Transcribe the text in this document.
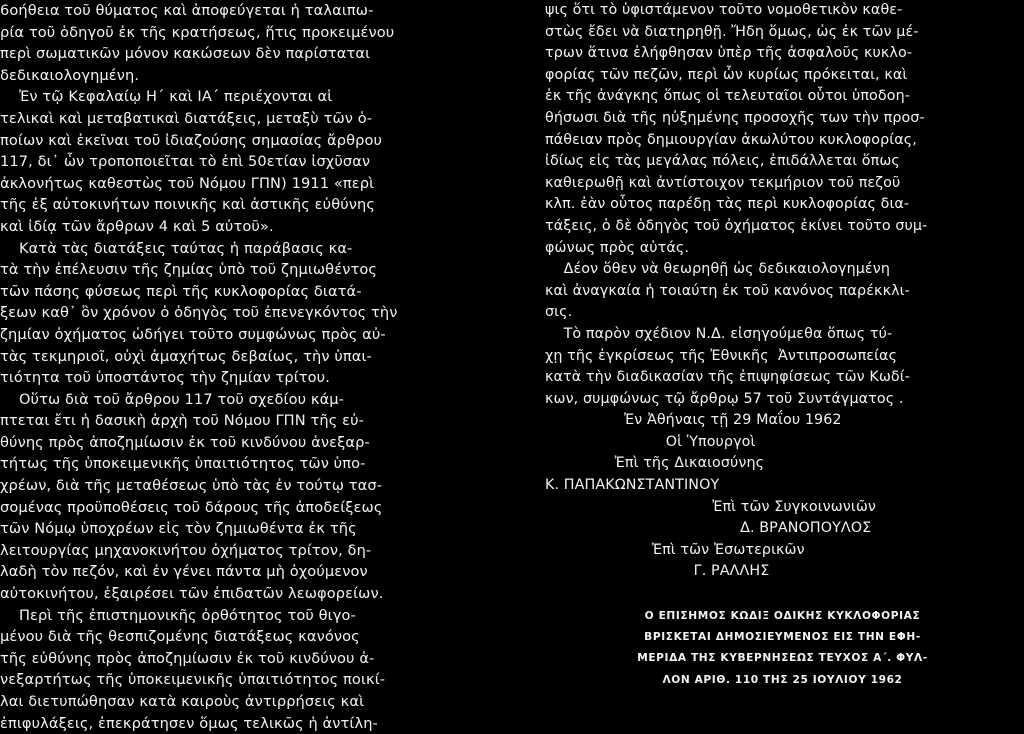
6οήθεια τοῦ θύματος καὶ ἀποφεύγεται ἡ ταλαιπω-
ρία τοῦ ὁδηγοῦ ἐκ τῆς κρατήσεως, ἥτις προκειμένου
περὶ σωματικῶν μόνον κακώσεων δὲν παρίσταται
δεδικαιολογημένη.
Ἐν τῷ Κεφαλαίῳ Η΄ καὶ ΙΑ΄ περιέχονται αἱ
τελικαὶ καὶ μεταβατικαὶ διατάξεις, μεταξὺ τῶν ὁ-
ποίων καὶ ἐκεῖναι τοῦ ἰδιαζούσης σημασίας ἄρθρου
117, δι᾽ ὧν τροποποιεῖται τὸ ἐπὶ 50ετίαν ἰσχῦσαν
ἀκλονήτως καθεστὼς τοῦ Νόμου ΓΠΝ) 1911 «περὶ
τῆς ἐξ αὐτοκινήτων ποινικῆς καὶ ἀστικῆς εὐθύνης
καὶ ἰδίᾳ τῶν ἄρθρων 4 καὶ 5 αὐτοῦ».
Κατὰ τὰς διατάξεις ταύτας ἡ παράβασις κα-
τὰ τὴν ἐπέλευσιν τῆς ζημίας ὑπὸ τοῦ ζημιωθέντος
τῶν πάσης φύσεως περὶ τῆς κυκλοφορίας διατά-
ξεων καθ᾽ ὃν χρόνον ὁ ὁδηγὸς τοῦ ἐπενεγκόντος τὴν
ζημίαν ὀχήματος ὡδήγει τοῦτο συμφώνως πρὸς αὐ-
τὰς τεκμηριοῖ, οὐχὶ ἀμαχήτως δεβαίως, τὴν ὑπαι-
τιότητα τοῦ ὑποστάντος τὴν ζημίαν τρίτου.
Οὕτω διὰ τοῦ ἄρθρου 117 τοῦ σχεδίου κάμ-
πτεται ἔτι ἡ δασικὴ ἀρχὴ τοῦ Νόμου ΓΠΝ τῆς εὐ-
θύνης πρὸς ἀποζημίωσιν ἐκ τοῦ κινδύνου ἀνεξαρ-
τήτως τῆς ὑποκειμενικῆς ὑπαιτιότητος τῶν ὑπο-
χρέων, διὰ τῆς μεταθέσεως ὑπὸ τὰς ἐν τούτῳ τασ-
σομένας προϋποθέσεις τοῦ δάρους τῆς ἀποδείξεως
τῶν Νόμῳ ὑποχρέων εἰς τὸν ζημιωθέντα ἐκ τῆς
λειτουργίας μηχανοκινήτου ὀχήματος τρίτον, δη-
λαδὴ τὸν πεζόν, καὶ ἐν γένει πάντα μὴ ὀχούμενον
αὐτοκινήτου, ἐξαιρέσει τῶν ἐπιδατῶν λεωφορείων.
Περὶ τῆς ἐπιστημονικῆς ὀρθότητος τοῦ θιγο-
μένου διὰ τῆς θεσπιζομένης διατάξεως κανόνος
τῆς εὐθύνης πρὸς ἀποζημίωσιν ἐκ τοῦ κινδύνου ἀ-
νεξαρτήτως τῆς ὑποκειμενικῆς ὑπαιτιότητος ποικί-
λαι διετυπώθησαν κατὰ καιροὺς ἀντιρρήσεις καὶ
ἐπιφυλάξεις, ἐπεκράτησεν ὅμως τελικῶς ἡ ἀντίλη-
ψις ὅτι τὸ ὑφιστάμενον τοῦτο νομοθετικὸν καθε-
στὼς ἔδει νὰ διατηρηθῇ. Ἤδη ὅμως, ὡς ἐκ τῶν μέ-
τρων ἅτινα ἐλήφθησαν ὑπὲρ τῆς ἀσφαλοῦς κυκλο-
φορίας τῶν πεζῶν, περὶ ὧν κυρίως πρόκειται, καὶ
ἐκ τῆς ἀνάγκης ὅπως οἱ τελευταῖοι οὗτοι ὑποδοη-
θήσωσι διὰ τῆς ηὐξημένης προσοχῆς των τὴν προσ-
πάθειαν πρὸς δημιουργίαν ἀκωλύτου κυκλοφορίας,
ἰδίως εἰς τὰς μεγάλας πόλεις, ἐπιδάλλεται ὅπως
καθιερωθῇ καὶ ἀντίστοιχον τεκμήριον τοῦ πεζοῦ
κλπ. ἐὰν οὗτος παρέδῃ τὰς περὶ κυκλοφορίας δια-
τάξεις, ὁ δὲ ὁδηγὸς τοῦ ὀχήματος ἐκίνει τοῦτο συμ-
φώνως πρὸς αὐτάς.
Δέον ὅθεν νὰ θεωρηθῇ ὡς δεδικαιολογημένη
καὶ ἀναγκαία ἡ τοιαύτη ἐκ τοῦ κανόνος παρέκκλι-
σις.
Τὸ παρὸν σχέδιον Ν.Δ. εἰσηγούμεθα ὅπως τύ-
χῃ τῆς ἐγκρίσεως τῆς Ἐθνικῆς  Ἀντιπροσωπείας
κατὰ τὴν διαδικασίαν τῆς ἐπιψηφίσεως τῶν Κωδί-
κων, συμφώνως τῷ ἄρθρῳ 57 τοῦ Συντάγματος .
Ἐν Ἀθήναις τῇ 29 Μαΐου 1962
Οἱ Ὑπουργοὶ
Ἐπὶ τῆς Δικαιοσύνης
Κ. ΠΑΠΑΚΩΝΣΤΑΝΤΙΝΟΥ
Ἐπὶ τῶν Συγκοινωνιῶν
Δ. ΒΡΑΝΟΠΟΥΛΟΣ
Ἐπὶ τῶν Ἐσωτερικῶν
Γ. ΡΑΛΛΗΣ
Ο ΕΠΙΣΗΜΟΣ ΚΩΔΙΞ ΟΔΙΚΗΣ ΚΥΚΛΟΦΟΡΙΑΣ
ΒΡΙΣΚΕΤΑΙ ΔΗΜΟΣΙΕΥΜΕΝΟΣ ΕΙΣ ΤΗΝ ΕΦΗ-
ΜΕΡΙΔΑ ΤΗΣ ΚΥΒΕΡΝΗΣΕΩΣ ΤΕΥΧΟΣ Α΄. ΦΥΛ-
ΛΟΝ ΑΡΙΘ. 110 ΤΗΣ 25 ΙΟΥΛΙΟΥ 1962
